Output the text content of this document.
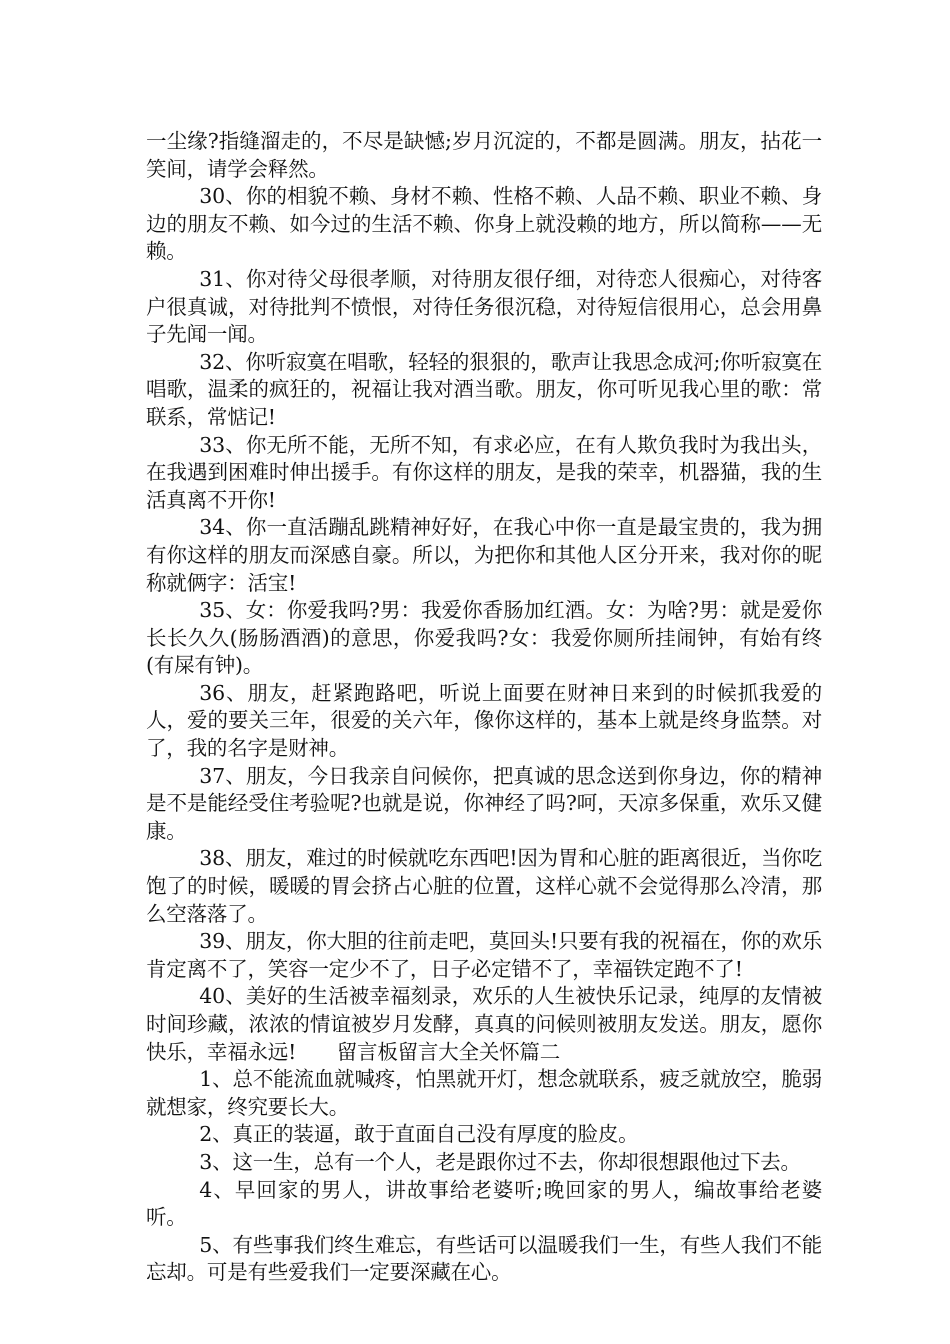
一尘缘?指缝溜走的，不尽是缺憾;岁月沉淀的，不都是圆满。朋友，拈花一笑间，请学会释然。

30、你的相貌不赖、身材不赖、性格不赖、人品不赖、职业不赖、身边的朋友不赖、如今过的生活不赖、你身上就没赖的地方，所以简称——无赖。

31、你对待父母很孝顺，对待朋友很仔细，对待恋人很痴心，对待客户很真诚，对待批判不愤恨，对待任务很沉稳，对待短信很用心，总会用鼻子先闻一闻。

32、你听寂寞在唱歌，轻轻的狠狠的，歌声让我思念成河;你听寂寞在唱歌，温柔的疯狂的，祝福让我对酒当歌。朋友，你可听见我心里的歌：常联系，常惦记!

33、你无所不能，无所不知，有求必应，在有人欺负我时为我出头，在我遇到困难时伸出援手。有你这样的朋友，是我的荣幸，机器猫，我的生活真离不开你!

34、你一直活蹦乱跳精神好好，在我心中你一直是最宝贵的，我为拥有你这样的朋友而深感自豪。所以，为把你和其他人区分开来，我对你的昵称就俩字：活宝!

35、女：你爱我吗?男：我爱你香肠加红酒。女：为啥?男：就是爱你长长久久(肠肠酒酒)的意思，你爱我吗?女：我爱你厕所挂闹钟，有始有终(有屎有钟)。

36、朋友，赶紧跑路吧，听说上面要在财神日来到的时候抓我爱的人，爱的要关三年，很爱的关六年，像你这样的，基本上就是终身监禁。对了，我的名字是财神。

37、朋友，今日我亲自问候你，把真诚的思念送到你身边，你的精神是不是能经受住考验呢?也就是说，你神经了吗?呵，天凉多保重，欢乐又健康。

38、朋友，难过的时候就吃东西吧!因为胃和心脏的距离很近，当你吃饱了的时候，暖暖的胃会挤占心脏的位置，这样心就不会觉得那么冷清，那么空落落了。

39、朋友，你大胆的往前走吧，莫回头!只要有我的祝福在，你的欢乐肯定离不了，笑容一定少不了，日子必定错不了，幸福铁定跑不了!

40、美好的生活被幸福刻录，欢乐的人生被快乐记录，纯厚的友情被时间珍藏，浓浓的情谊被岁月发酵，真真的问候则被朋友发送。朋友，愿你快乐，幸福永远!　　留言板留言大全关怀篇二

1、总不能流血就喊疼，怕黑就开灯，想念就联系，疲乏就放空，脆弱就想家，终究要长大。

2、真正的装逼，敢于直面自己没有厚度的脸皮。

3、这一生，总有一个人，老是跟你过不去，你却很想跟他过下去。

4、早回家的男人，讲故事给老婆听;晚回家的男人，编故事给老婆听。

5、有些事我们终生难忘，有些话可以温暖我们一生，有些人我们不能忘却。可是有些爱我们一定要深藏在心。
